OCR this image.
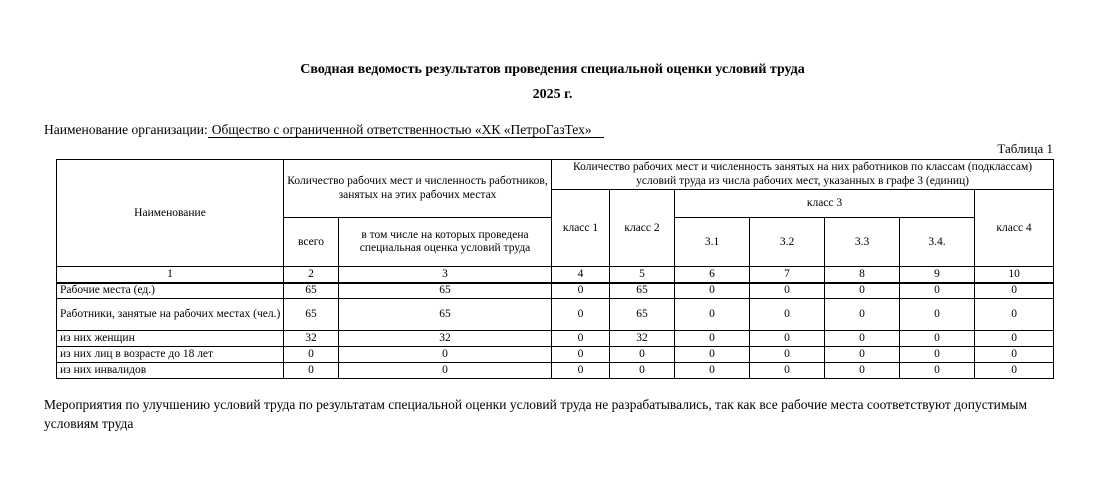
Сводная ведомость результатов проведения специальной оценки условий труда
2025 г.
Наименование организации: Общество с ограниченной ответственностью «ХК «ПетроГазТех»
Таблица 1
Наименование	Количество рабочих мест и численность работников, занятых на этих рабочих местах		Количество рабочих мест и численность занятых на них работников по классам (подклассам) условий труда из числа рабочих мест, указанных в графе 3 (единиц)						
			класс 1	класс 2	класс 3				класс 4
	всего	в том числе на которых проведена специальная оценка условий труда			3.1	3.2	3.3	3.4.	
1	2	3	4	5	6	7	8	9	10
Рабочие места (ед.)	65	65	0	65	0	0	0	0	0
Работники, занятые на рабочих местах (чел.)	65	65	0	65	0	0	0	0	0
из них женщин	32	32	0	32	0	0	0	0	0
из них лиц в возрасте до 18 лет	0	0	0	0	0	0	0	0	0
из них инвалидов	0	0	0	0	0	0	0	0	0
Мероприятия по улучшению условий труда по результатам специальной оценки условий труда не разрабатывались, так как все рабочие места соответствуют допустимым условиям труда
